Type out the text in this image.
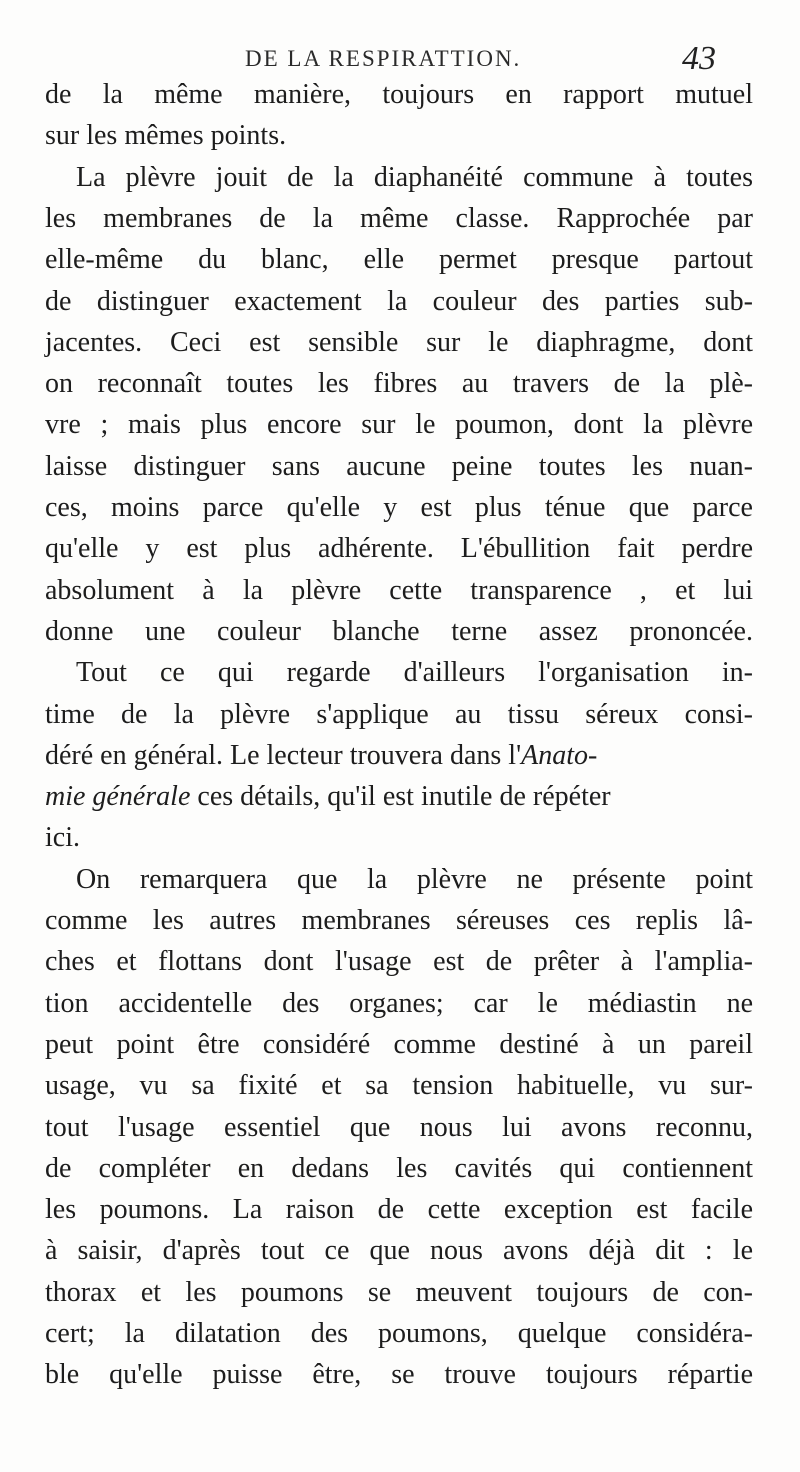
DE LA RESPIRATTION.	43
de la même manière, toujours en rapport mutuel
sur les mêmes points.
La plèvre jouit de la diaphanéité commune à toutes
les membranes de la même classe. Rapprochée par
elle-même du blanc, elle permet presque partout
de distinguer exactement la couleur des parties sub-
jacentes. Ceci est sensible sur le diaphragme, dont
on reconnaît toutes les fibres au travers de la plè-
vre ; mais plus encore sur le poumon, dont la plèvre
laisse distinguer sans aucune peine toutes les nuan-
ces, moins parce qu'elle y est plus ténue que parce
qu'elle y est plus adhérente. L'ébullition fait perdre
absolument à la plèvre cette transparence , et lui
donne une couleur blanche terne assez prononcée.
Tout ce qui regarde d'ailleurs l'organisation in-
time de la plèvre s'applique au tissu séreux consi-
déré en général. Le lecteur trouvera dans l'Anato-
mie générale ces détails, qu'il est inutile de répéter
ici.
On remarquera que la plèvre ne présente point
comme les autres membranes séreuses ces replis lâ-
ches et flottans dont l'usage est de prêter à l'amplia-
tion accidentelle des organes; car le médiastin ne
peut point être considéré comme destiné à un pareil
usage, vu sa fixité et sa tension habituelle, vu sur-
tout l'usage essentiel que nous lui avons reconnu,
de compléter en dedans les cavités qui contiennent
les poumons. La raison de cette exception est facile
à saisir, d'après tout ce que nous avons déjà dit : le
thorax et les poumons se meuvent toujours de con-
cert; la dilatation des poumons, quelque considéra-
ble qu'elle puisse être, se trouve toujours répartie
